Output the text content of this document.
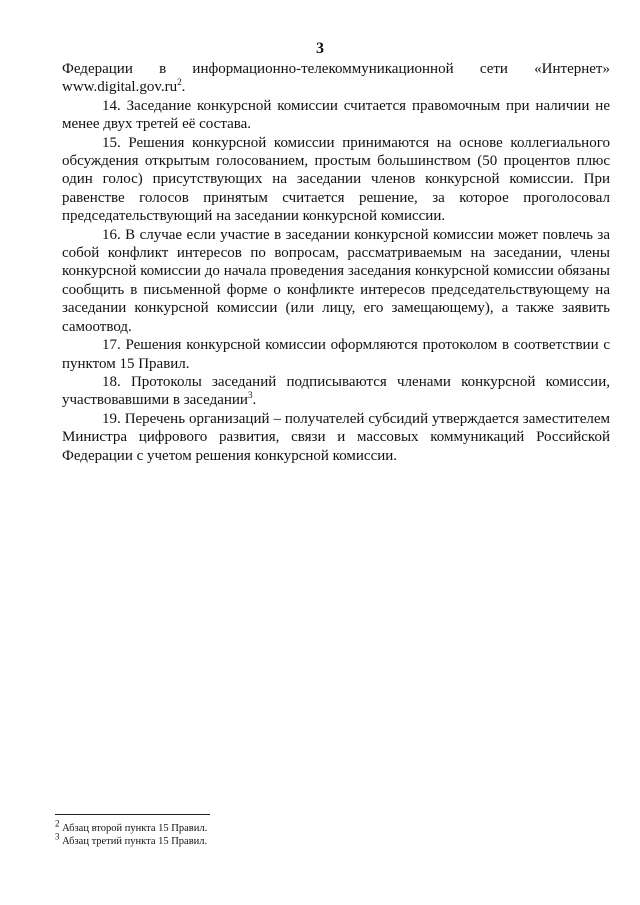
3

Федерации в информационно-телекоммуникационной сети «Интернет» $www.digital.gov.ru^2$.

14. Заседание конкурсной комиссии считается правомочным при наличии не менее двух третей её состава.

15. Решения конкурсной комиссии принимаются на основе коллегиального обсуждения открытым голосованием, простым большинством (50 процентов плюс один голос) присутствующих на заседании членов конкурсной комиссии. При равенстве голосов принятым считается решение, за которое проголосовал председательствующий на заседании конкурсной комиссии.

16. В случае если участие в заседании конкурсной комиссии может повлечь за собой конфликт интересов по вопросам, рассматриваемым на заседании, члены конкурсной комиссии до начала проведения заседания конкурсной комиссии обязаны сообщить в письменной форме о конфликте интересов председательствующему на заседании конкурсной комиссии (или лицу, его замещающему), а также заявить самоотвод.

17. Решения конкурсной комиссии оформляются протоколом в соответствии с пунктом 15 Правил.

18. Протоколы заседаний подписываются членами конкурсной комиссии, участвовавшими в заседании$^3$.

19. Перечень организаций – получателей субсидий утверждается заместителем Министра цифрового развития, связи и массовых коммуникаций Российской Федерации с учетом решения конкурсной комиссии.

$^2$ Абзац второй пункта 15 Правил.

$^3$ Абзац третий пункта 15 Правил.
